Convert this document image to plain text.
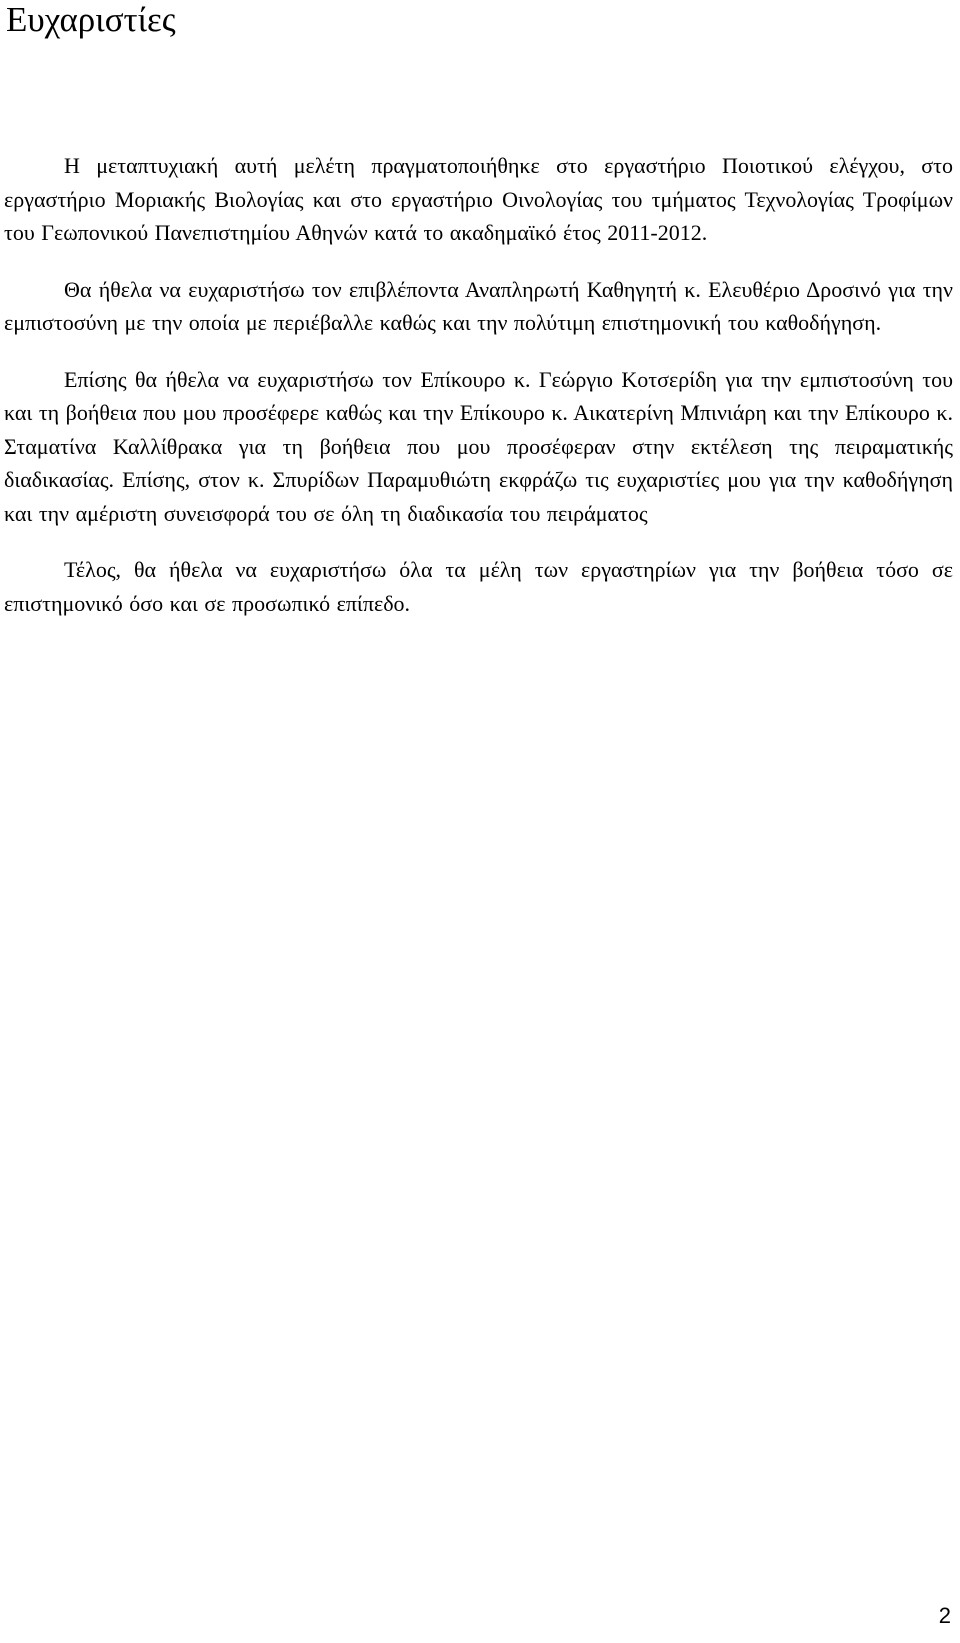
Ευχαριστίες

Η μεταπτυχιακή αυτή μελέτη πραγματοποιήθηκε στο εργαστήριο Ποιοτικού ελέγχου, στο εργαστήριο Μοριακής Βιολογίας και στο εργαστήριο Οινολογίας του τμήματος Τεχνολογίας Τροφίμων του Γεωπονικού Πανεπιστημίου Αθηνών κατά το ακαδημαϊκό έτος 2011-2012.

Θα ήθελα να ευχαριστήσω τον επιβλέποντα Αναπληρωτή Καθηγητή κ. Ελευθέριο Δροσινό για την εμπιστοσύνη με την οποία με περιέβαλλε καθώς και την πολύτιμη επιστημονική του καθοδήγηση.

Επίσης θα ήθελα να ευχαριστήσω τον Επίκουρο κ. Γεώργιο Κοτσερίδη για την εμπιστοσύνη του και τη βοήθεια που μου προσέφερε καθώς και την Επίκουρο κ. Αικατερίνη Μπινιάρη και την Επίκουρο κ. Σταματίνα Καλλίθρακα για τη βοήθεια που μου προσέφεραν στην εκτέλεση της πειραματικής διαδικασίας. Επίσης, στον κ. Σπυρίδων Παραμυθιώτη εκφράζω τις ευχαριστίες μου για την καθοδήγηση και την αμέριστη συνεισφορά του σε όλη τη διαδικασία του πειράματος

Τέλος, θα ήθελα να ευχαριστήσω όλα τα μέλη των εργαστηρίων για την βοήθεια τόσο σε επιστημονικό όσο και σε προσωπικό επίπεδο.

2
